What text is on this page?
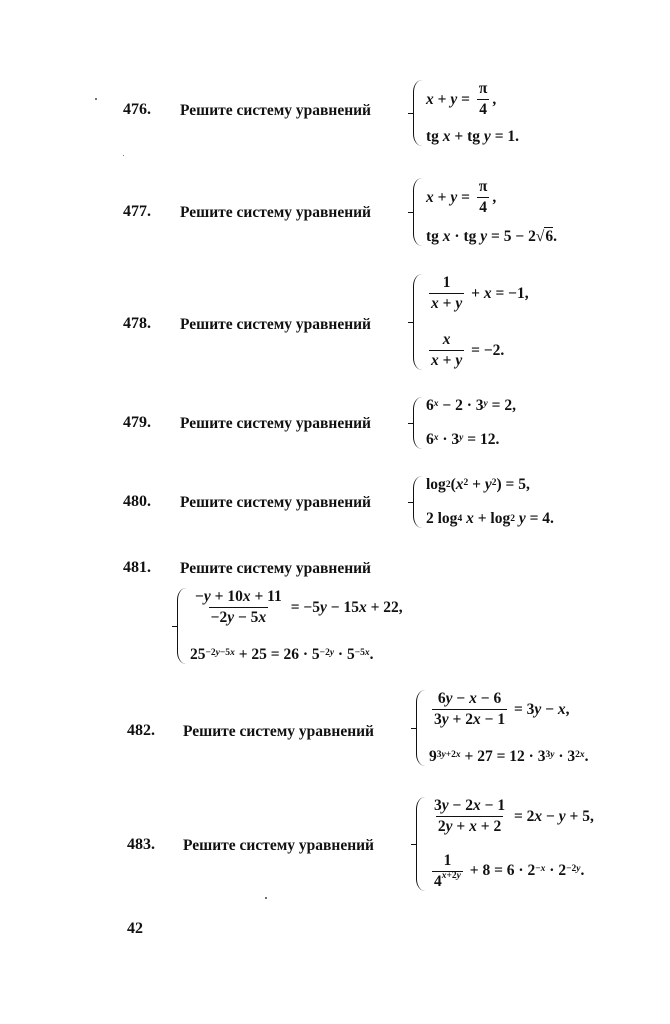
476. Решите систему уравнений
$x + y = \frac{\pi}{4}$ ,
tg x + tg y = 1.
477. Решите систему уравнений
$x + y = \frac{\pi}{4}$ ,
tg x · tg y = 5 − 2√ 6 .
478. Решите систему уравнений
$\frac{1}{x + y} + x = -1$,
$\frac{x}{x + y} = -2$.
479. Решите систему уравнений
6 $^x$ − 2 · 3 $^y$ = 2,
6 $^x$ · 3 $^y$ = 12.
480. Решите систему уравнений
log 2 ( $x^2 + y^2$ ) = 5,
2 log 4
x + log 2
y = 4.
481. Решите систему уравнений
$\frac{-y + 10x + 11}{-2y - 5x} = -5$ y − 15 x + 22,
$25^{-2y-5x} + 25 = 26 \cdot 5^{-2y} \cdot 5^{-5x}$ .
482. Решите систему уравнений
$\frac{6y - x - 6}{3y + 2x - 1} = 3$ y − x ,
$9^{3y+2x} + 27 = 12 \cdot 3^{3y} \cdot 3^{2x}$ .
483. Решите систему уравнений
$\frac{3y - 2x - 1}{2y + x + 2} = 2$ x − y + 5,
$\frac{1}{4^{x+2y}} + 8 = 6 \cdot 2^{-x} \cdot 2^{-2y}$ .
42
